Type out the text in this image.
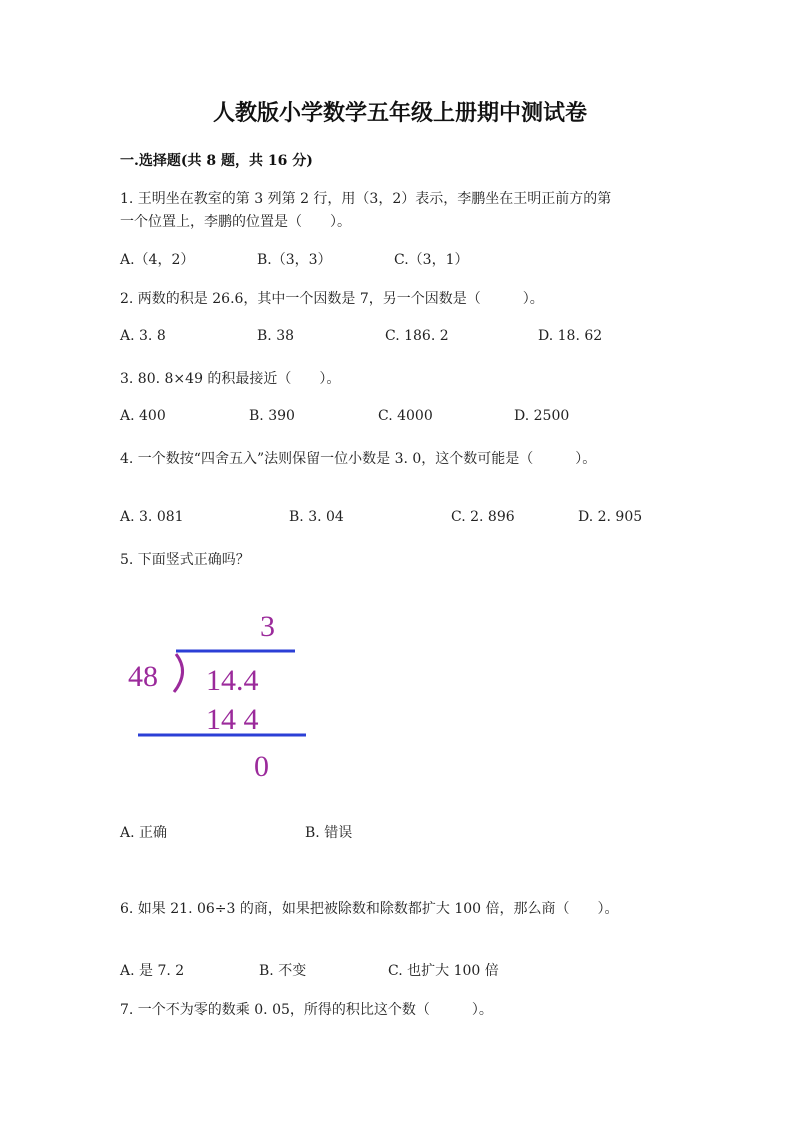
人教版小学数学五年级上册期中测试卷
一.选择题(共 8 题，共 16 分)
1. 王明坐在教室的第 3 列第 2 行，用（3，2）表示，李鹏坐在王明正前方的第
一个位置上，李鹏的位置是（　　）。
A.（4，2）	B.（3，3）	C.（3，1）
2. 两数的积是 26.6，其中一个因数是 7，另一个因数是（　　　）。
A. 3. 8	B. 38	C. 186. 2	D. 18. 62
3. 80. 8×49 的积最接近（　　）。
A. 400	B. 390	C. 4000	D. 2500
4. 一个数按“四舍五入”法则保留一位小数是 3. 0，这个数可能是（　　　）。
A. 3. 081	B. 3. 04	C. 2. 896	D. 2. 905
5. 下面竖式正确吗？
3
48 14.4
14 4
0
A. 正确	B. 错误
6. 如果 21. 06÷3 的商，如果把被除数和除数都扩大 100 倍，那么商（　　）。
A. 是 7. 2	B. 不变	C. 也扩大 100 倍
7. 一个不为零的数乘 0. 05，所得的积比这个数（　　　）。
